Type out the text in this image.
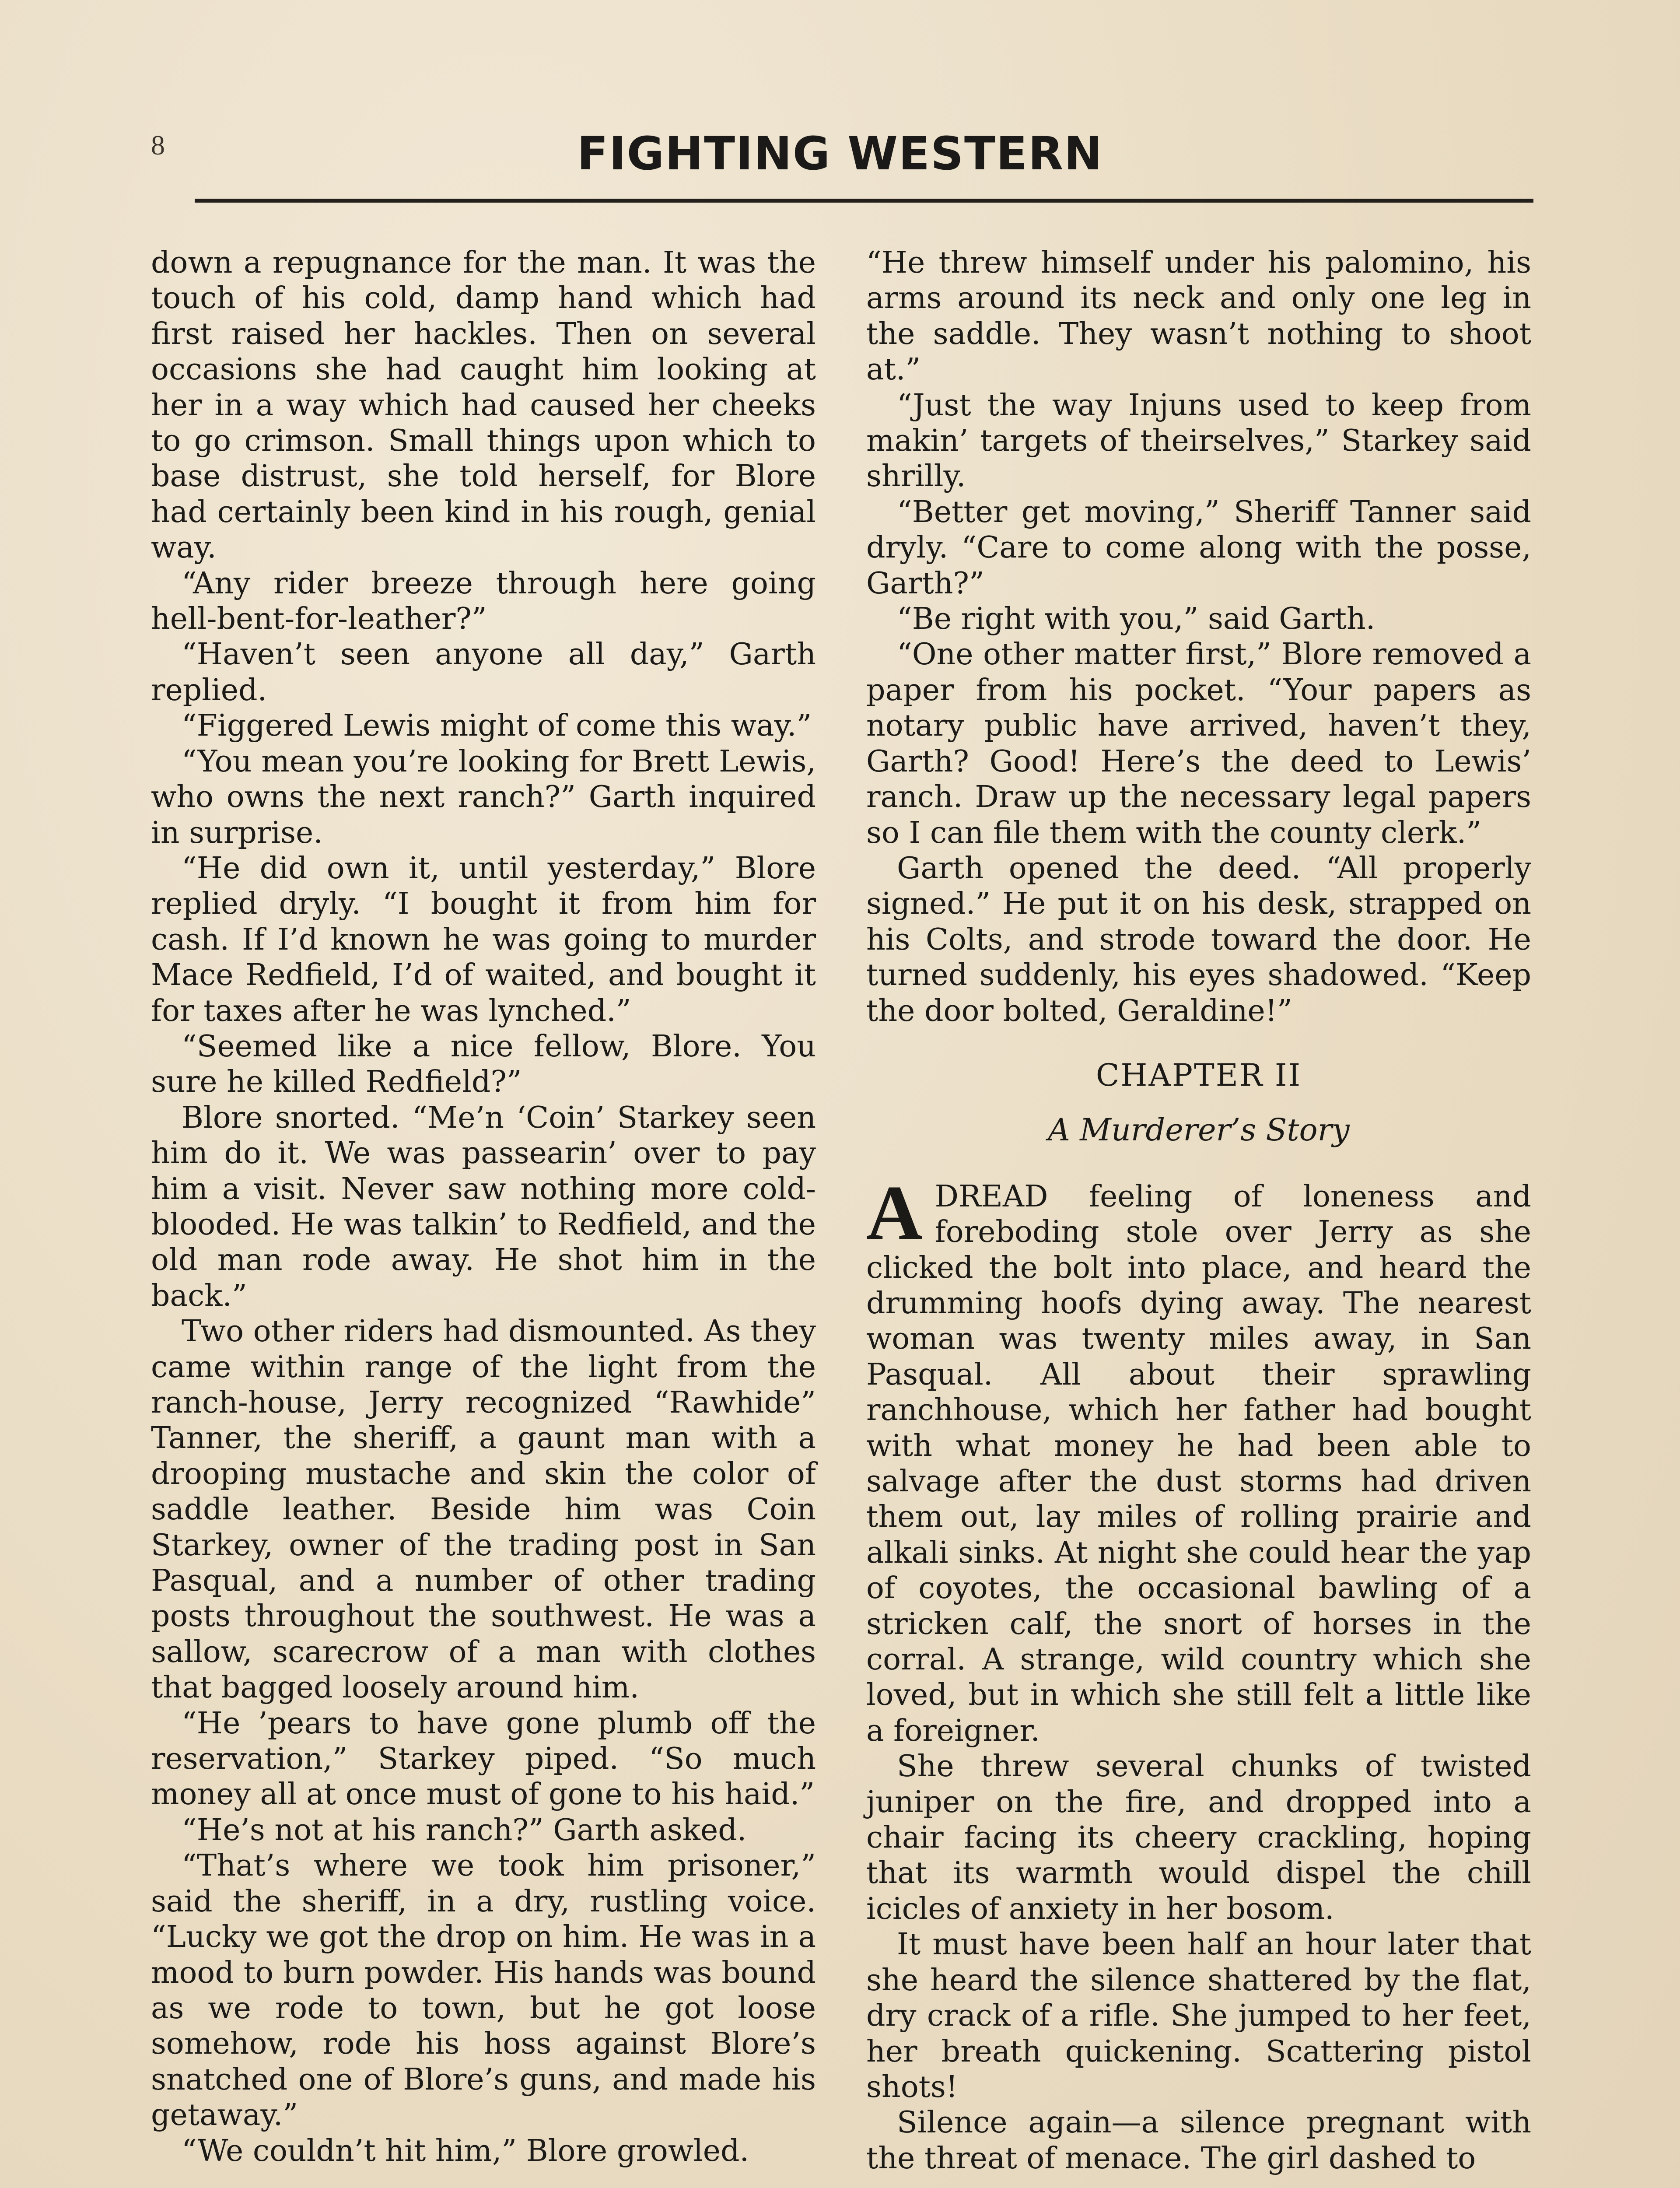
8	FIGHTING WESTERN

down a repugnance for the man. It was the touch of his cold, damp hand which had first raised her hackles. Then on several occasions she had caught him looking at her in a way which had caused her cheeks to go crimson. Small things upon which to base distrust, she told herself, for Blore had certainly been kind in his rough, genial way.

“Any rider breeze through here going hell-bent-for-leather?”

“Haven’t seen anyone all day,” Garth replied.

“Figgered Lewis might of come this way.”

“You mean you’re looking for Brett Lewis, who owns the next ranch?” Garth inquired in surprise.

“He did own it, until yesterday,” Blore replied dryly. “I bought it from him for cash. If I’d known he was going to murder Mace Redfield, I’d of waited, and bought it for taxes after he was lynched.”

“Seemed like a nice fellow, Blore. You sure he killed Redfield?”

Blore snorted. “Me’n ‘Coin’ Starkey seen him do it. We was passearin’ over to pay him a visit. Never saw nothing more cold-blooded. He was talkin’ to Redfield, and the old man rode away. He shot him in the back.”

Two other riders had dismounted. As they came within range of the light from the ranch-house, Jerry recognized “Rawhide” Tanner, the sheriff, a gaunt man with a drooping mustache and skin the color of saddle leather. Beside him was Coin Starkey, owner of the trading post in San Pasqual, and a number of other trading posts throughout the southwest. He was a sallow, scarecrow of a man with clothes that bagged loosely around him.

“He ’pears to have gone plumb off the reservation,” Starkey piped. “So much money all at once must of gone to his haid.”

“He’s not at his ranch?” Garth asked.

“That’s where we took him prisoner,” said the sheriff, in a dry, rustling voice. “Lucky we got the drop on him. He was in a mood to burn powder. His hands was bound as we rode to town, but he got loose somehow, rode his hoss against Blore’s snatched one of Blore’s guns, and made his getaway.”

“We couldn’t hit him,” Blore growled.

“He threw himself under his palomino, his arms around its neck and only one leg in the saddle. They wasn’t nothing to shoot at.”

“Just the way Injuns used to keep from makin’ targets of theirselves,” Starkey said shrilly.

“Better get moving,” Sheriff Tanner said dryly. “Care to come along with the posse, Garth?”

“Be right with you,” said Garth.

“One other matter first,” Blore removed a paper from his pocket. “Your papers as notary public have arrived, haven’t they, Garth? Good! Here’s the deed to Lewis’ ranch. Draw up the necessary legal papers so I can file them with the county clerk.”

Garth opened the deed. “All properly signed.” He put it on his desk, strapped on his Colts, and strode toward the door. He turned suddenly, his eyes shadowed. “Keep the door bolted, Geraldine!”

CHAPTER II
A Murderer’s Story

ADREAD feeling of loneness and foreboding stole over Jerry as she clicked the bolt into place, and heard the drumming hoofs dying away. The nearest woman was twenty miles away, in San Pasqual. All about their sprawling ranchhouse, which her father had bought with what money he had been able to salvage after the dust storms had driven them out, lay miles of rolling prairie and alkali sinks. At night she could hear the yap of coyotes, the occasional bawling of a stricken calf, the snort of horses in the corral. A strange, wild country which she loved, but in which she still felt a little like a foreigner.

She threw several chunks of twisted juniper on the fire, and dropped into a chair facing its cheery crackling, hoping that its warmth would dispel the chill icicles of anxiety in her bosom.

It must have been half an hour later that she heard the silence shattered by the flat, dry crack of a rifle. She jumped to her feet, her breath quickening. Scattering pistol shots!

Silence again—a silence pregnant with the threat of menace. The girl dashed to
